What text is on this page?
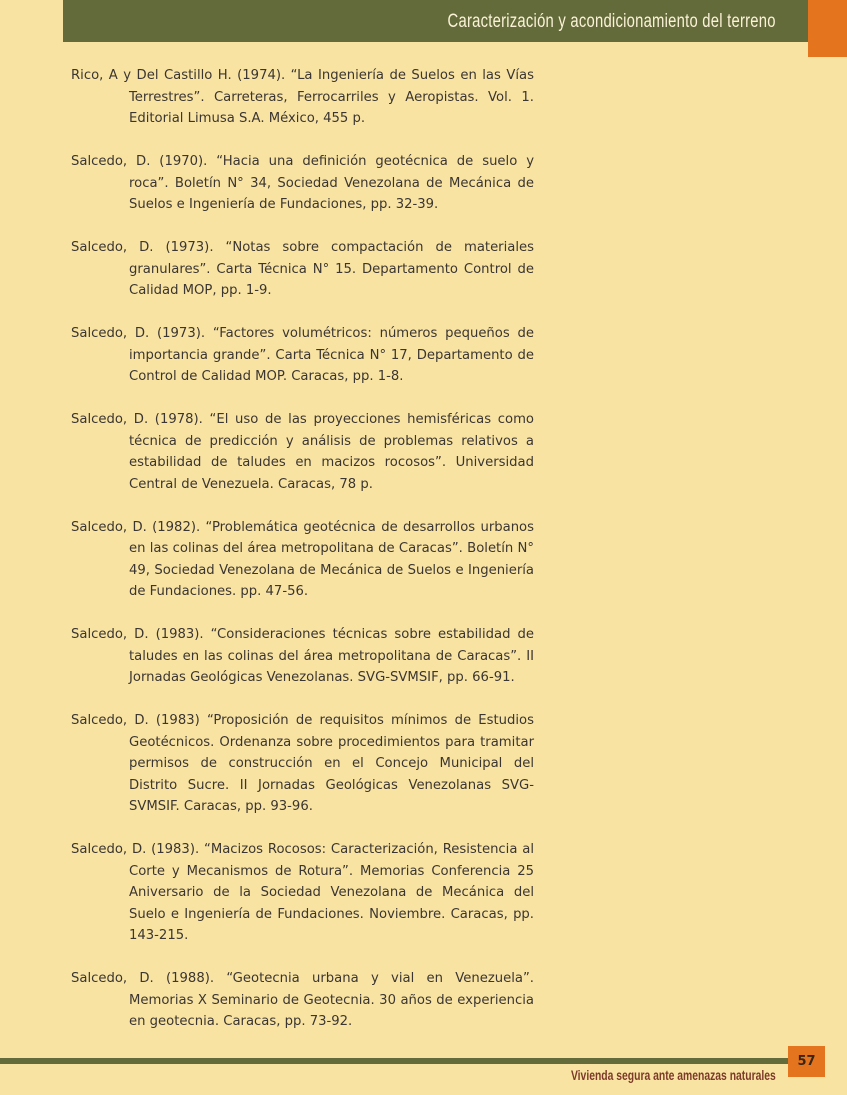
Caracterización y acondicionamiento del terreno

Rico, A y Del Castillo H. (1974). “La Ingeniería de Suelos en las Vías Terrestres”. Carreteras, Ferrocarriles y Aeropistas. Vol. 1. Editorial Limusa S.A. México, 455 p.

Salcedo, D. (1970). “Hacia una definición geotécnica de suelo y roca”. Boletín N° 34, Sociedad Venezolana de Mecánica de Suelos e Ingeniería de Fundaciones, pp. 32-39.

Salcedo, D. (1973). “Notas sobre compactación de materiales granulares”. Carta Técnica N° 15. Departamento Control de Calidad MOP, pp. 1-9.

Salcedo, D. (1973). “Factores volumétricos: números pequeños de importancia grande”. Carta Técnica N° 17, Departamento de Control de Calidad MOP. Caracas, pp. 1-8.

Salcedo, D. (1978). “El uso de las proyecciones hemisféricas como técnica de predicción y análisis de problemas relativos a estabilidad de taludes en macizos rocosos”. Universidad Central de Venezuela. Caracas, 78 p.

Salcedo, D. (1982). “Problemática geotécnica de desarrollos urbanos en las colinas del área metropolitana de Caracas”. Boletín N° 49, Sociedad Venezolana de Mecánica de Suelos e Ingeniería de Fundaciones. pp. 47-56.

Salcedo, D. (1983). “Consideraciones técnicas sobre estabilidad de taludes en las colinas del área metropolitana de Caracas”. II Jornadas Geológicas Venezolanas. SVG-SVMSIF, pp. 66-91.

Salcedo, D. (1983) “Proposición de requisitos mínimos de Estudios Geotécnicos. Ordenanza sobre procedimientos para tramitar permisos de construcción en el Concejo Municipal del Distrito Sucre. II Jornadas Geológicas Venezolanas SVG-SVMSIF. Caracas, pp. 93-96.

Salcedo, D. (1983). “Macizos Rocosos: Caracterización, Resistencia al Corte y Mecanismos de Rotura”. Memorias Conferencia 25 Aniversario de la Sociedad Venezolana de Mecánica del Suelo e Ingeniería de Fundaciones. Noviembre. Caracas, pp. 143-215.

Salcedo, D. (1988). “Geotecnia urbana y vial en Venezuela”. Memorias X Seminario de Geotecnia. 30 años de experiencia en geotecnia. Caracas, pp. 73-92.

57
Vivienda segura ante amenazas naturales
